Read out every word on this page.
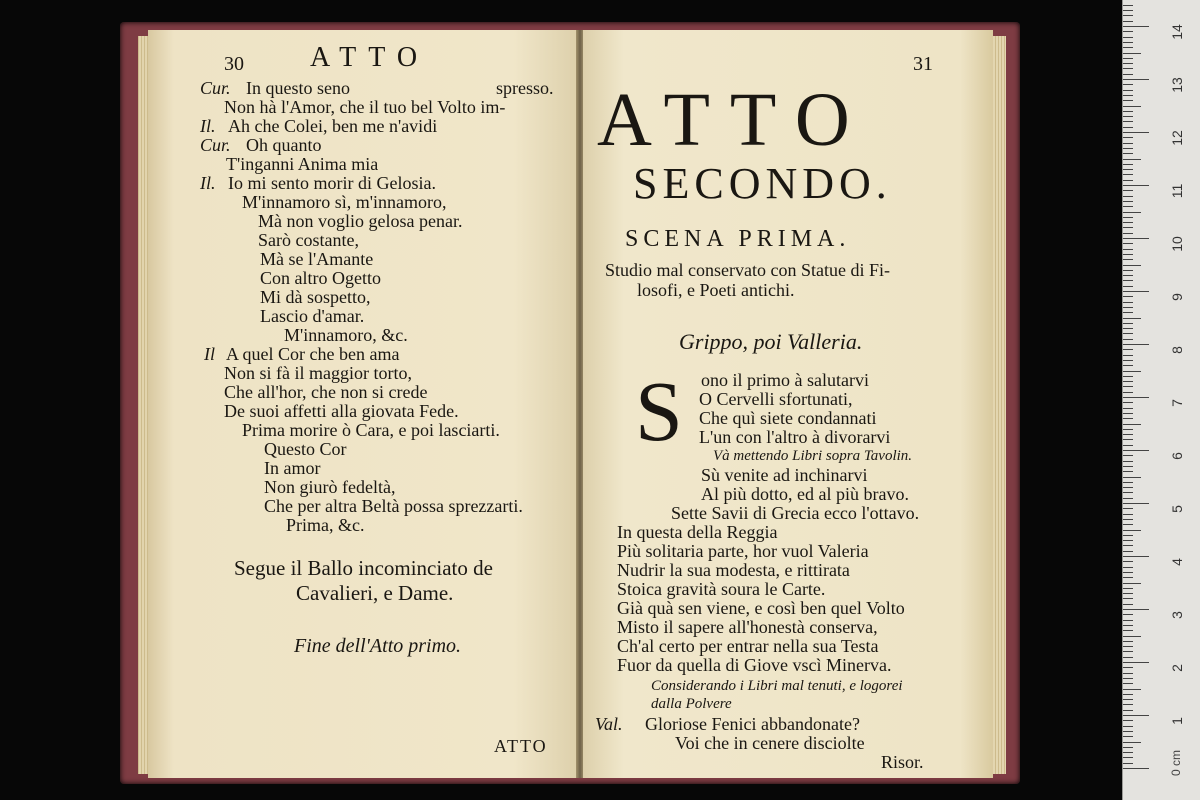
30 ATTO
Cur. In questo seno	spresso.
Non hà l'Amor, che il tuo bel Volto im-
Il. Ah che Colei, ben me n'avidi
Cur. Oh quanto
T'inganni Anima mia
Il. Io mi sento morir di Gelosia.
M'innamoro sì, m'innamoro,
Mà non voglio gelosa penar.
Sarò costante,
Mà se l'Amante
Con altro Ogetto
Mi dà sospetto,
Lascio d'amar.
M'innamoro, &c.
Il A quel Cor che ben ama
Non si fà il maggior torto,
Che all'hor, che non si crede
De suoi affetti alla giovata Fede.
Prima morire ò Cara, e poi lasciarti.
Questo Cor
In amor
Non giurò fedeltà,
Che per altra Beltà possa sprezzarti.
Prima, &c.
Segue il Ballo incominciato de
Cavalieri, e Dame.
Fine dell'Atto primo.
ATTO
31
ATTO
SECONDO.
SCENA PRIMA.
Studio mal conservato con Statue di Fi-
losofi, e Poeti antichi.
Grippo, poi Valleria.
S ono il primo à salutarvi
O Cervelli sfortunati,
Che quì siete condannati
L'un con l'altro à divorarvi
Và mettendo Libri sopra Tavolin.
Sù venite ad inchinarvi
Al più dotto, ed al più bravo.
Sette Savii di Grecia ecco l'ottavo.
In questa della Reggia
Più solitaria parte, hor vuol Valeria
Nudrir la sua modesta, e rittirata
Stoica gravità soura le Carte.
Già quà sen viene, e così ben quel Volto
Misto il sapere all'honestà conserva,
Ch'al certo per entrar nella sua Testa
Fuor da quella di Giove vscì Minerva.
Considerando i Libri mal tenuti, e logorei
dalla Polvere
Val. Gloriose Fenici abbandonate?
Voi che in cenere disciolte
Risor.
14
13
12
11
10
9
8
7
6
5
4
3
2
1
0 cm
